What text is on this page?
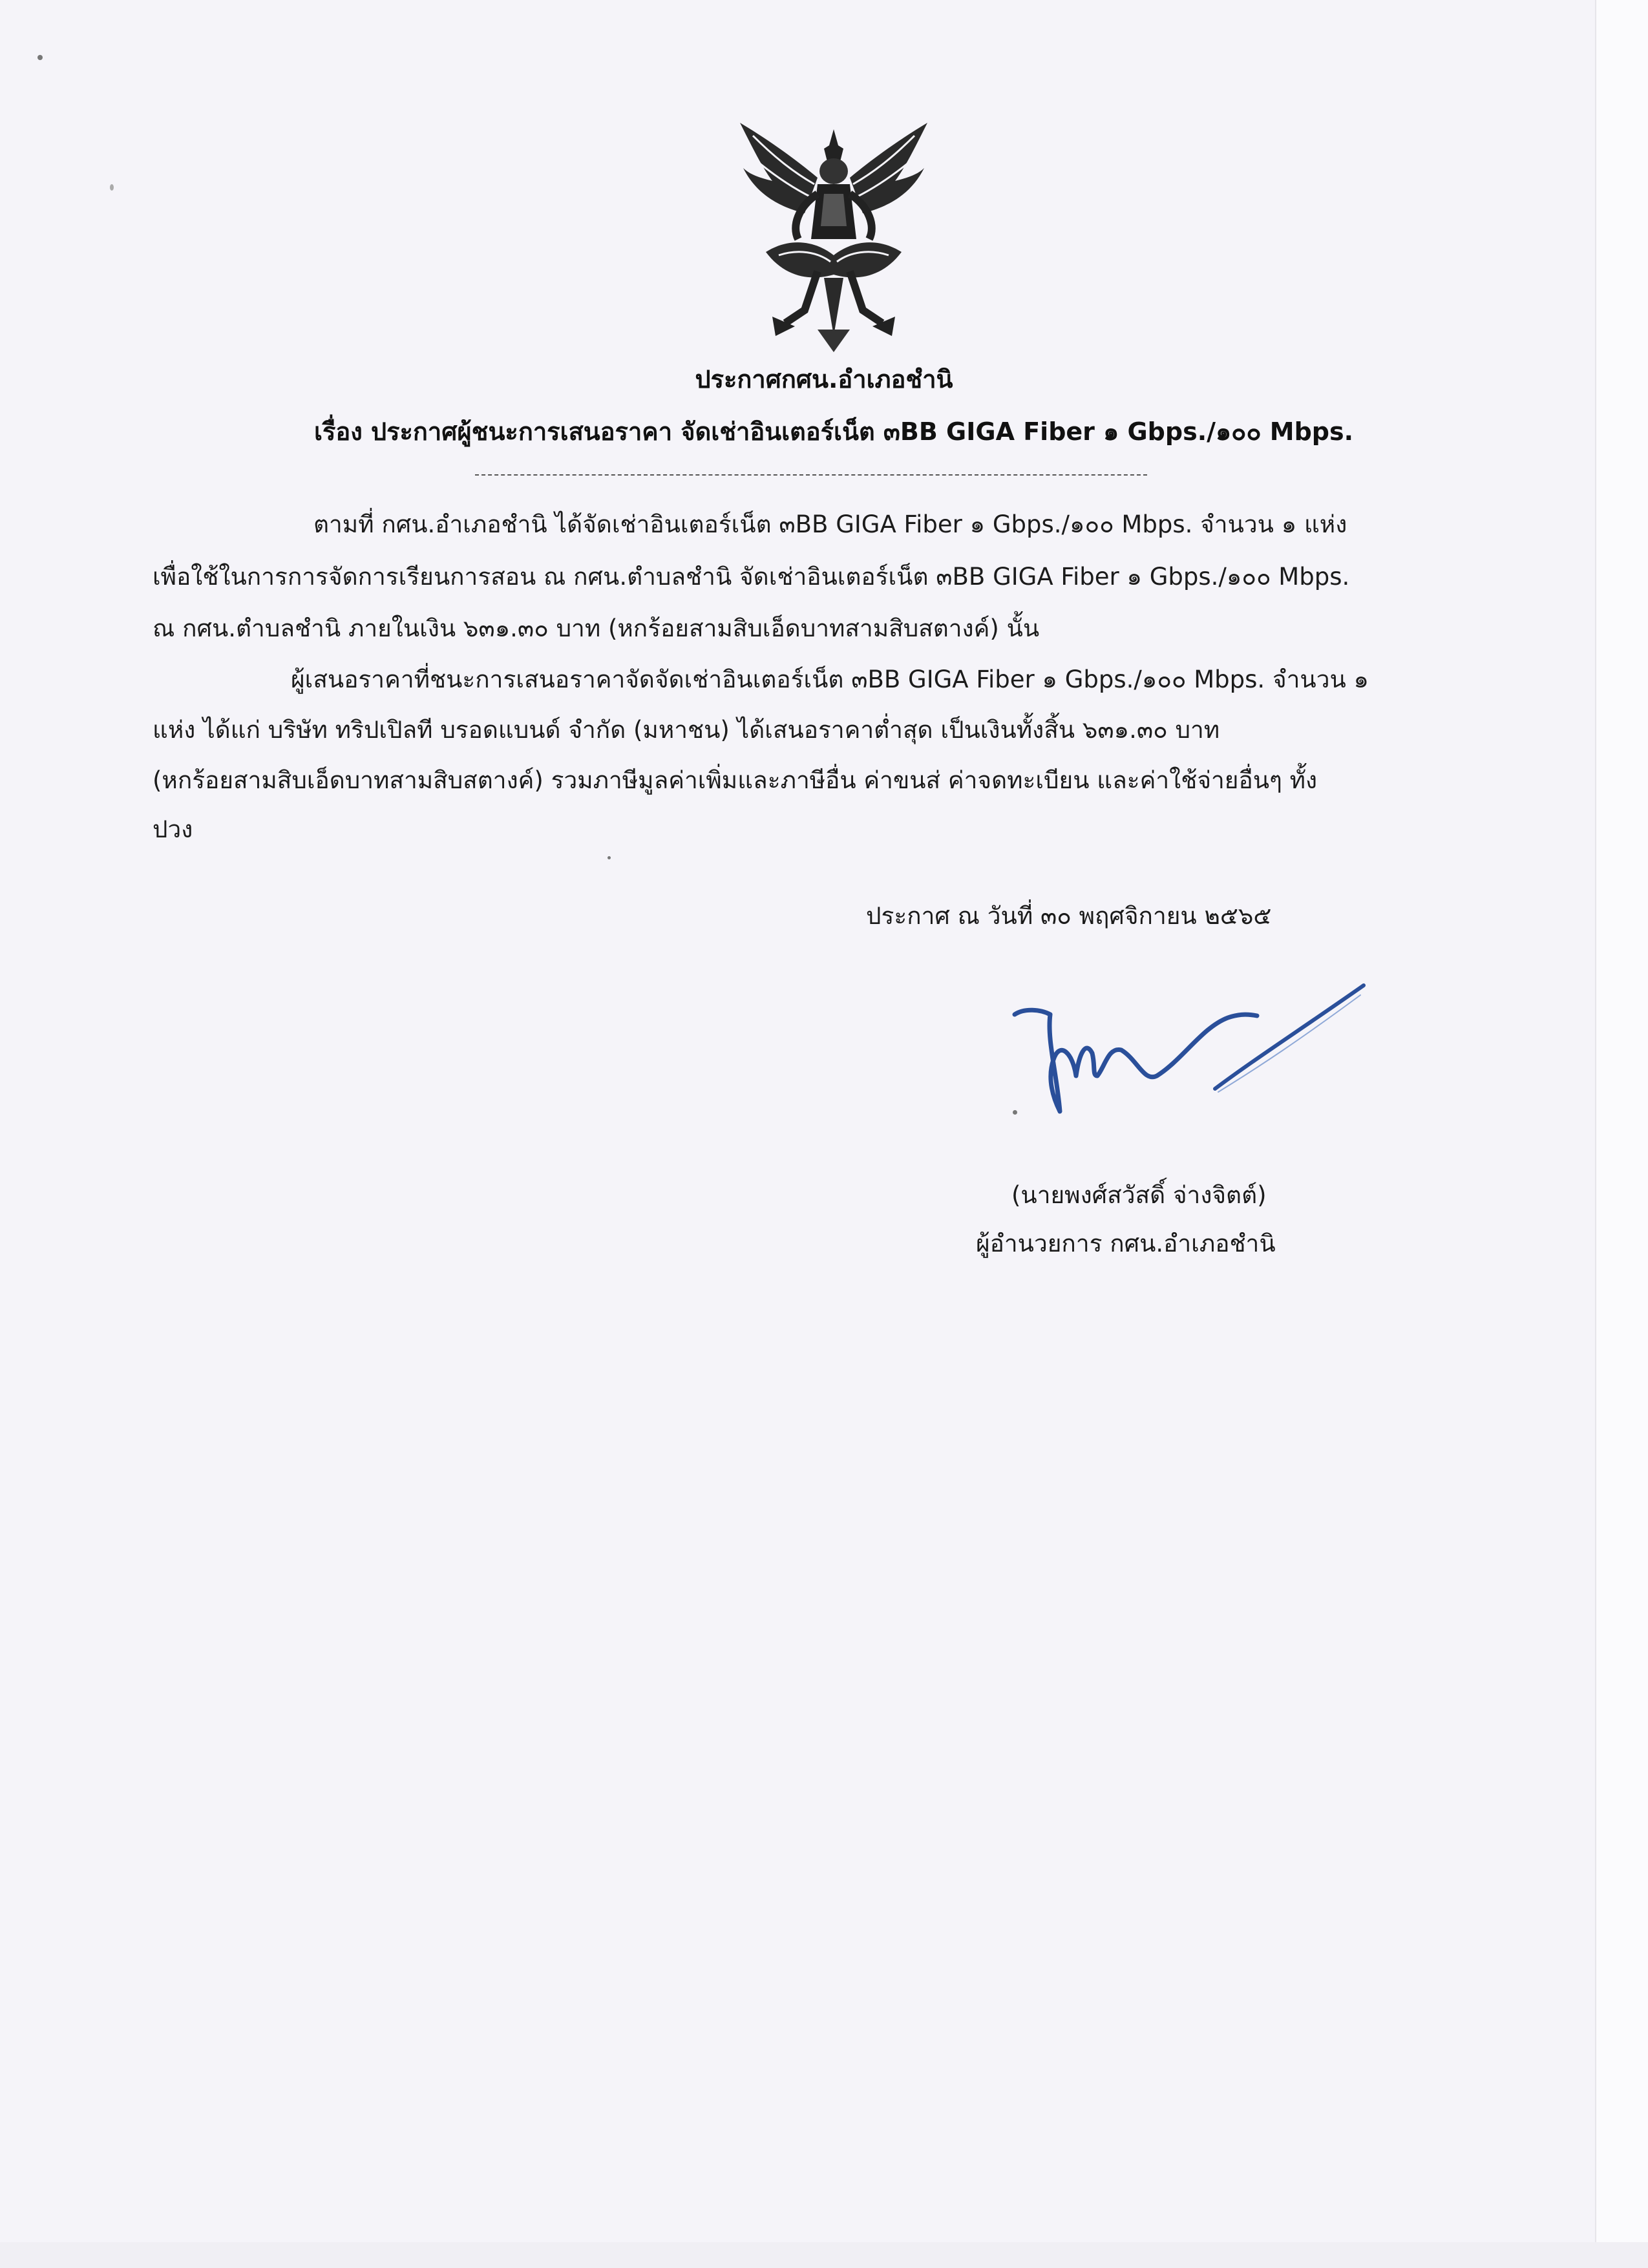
ประกาศกศน.อำเภอชำนิ
เรื่อง ประกาศผู้ชนะการเสนอราคา จัดเช่าอินเตอร์เน็ต ๓BB GIGA Fiber ๑ Gbps./๑๐๐ Mbps.
ตามที่ กศน.อำเภอชำนิ ได้จัดเช่าอินเตอร์เน็ต ๓BB GIGA Fiber ๑ Gbps./๑๐๐ Mbps. จำนวน ๑ แห่ง
เพื่อใช้ในการการจัดการเรียนการสอน ณ กศน.ตำบลชำนิ จัดเช่าอินเตอร์เน็ต ๓BB GIGA Fiber ๑ Gbps./๑๐๐ Mbps.
ณ กศน.ตำบลชำนิ ภายในเงิน ๖๓๑.๓๐ บาท (หกร้อยสามสิบเอ็ดบาทสามสิบสตางค์) นั้น
ผู้เสนอราคาที่ชนะการเสนอราคาจัดจัดเช่าอินเตอร์เน็ต ๓BB GIGA Fiber ๑ Gbps./๑๐๐ Mbps. จำนวน ๑
แห่ง ได้แก่ บริษัท ทริปเปิลที บรอดแบนด์ จำกัด (มหาชน) ได้เสนอราคาต่ำสุด เป็นเงินทั้งสิ้น ๖๓๑.๓๐ บาท
(หกร้อยสามสิบเอ็ดบาทสามสิบสตางค์) รวมภาษีมูลค่าเพิ่มและภาษีอื่น ค่าขนส่ ค่าจดทะเบียน และค่าใช้จ่ายอื่นๆ ทั้ง
ปวง
ประกาศ ณ วันที่ ๓๐ พฤศจิกายน ๒๕๖๕
(นายพงศ์สวัสดิ์ จ่างจิตต์)
ผู้อำนวยการ กศน.อำเภอชำนิ
